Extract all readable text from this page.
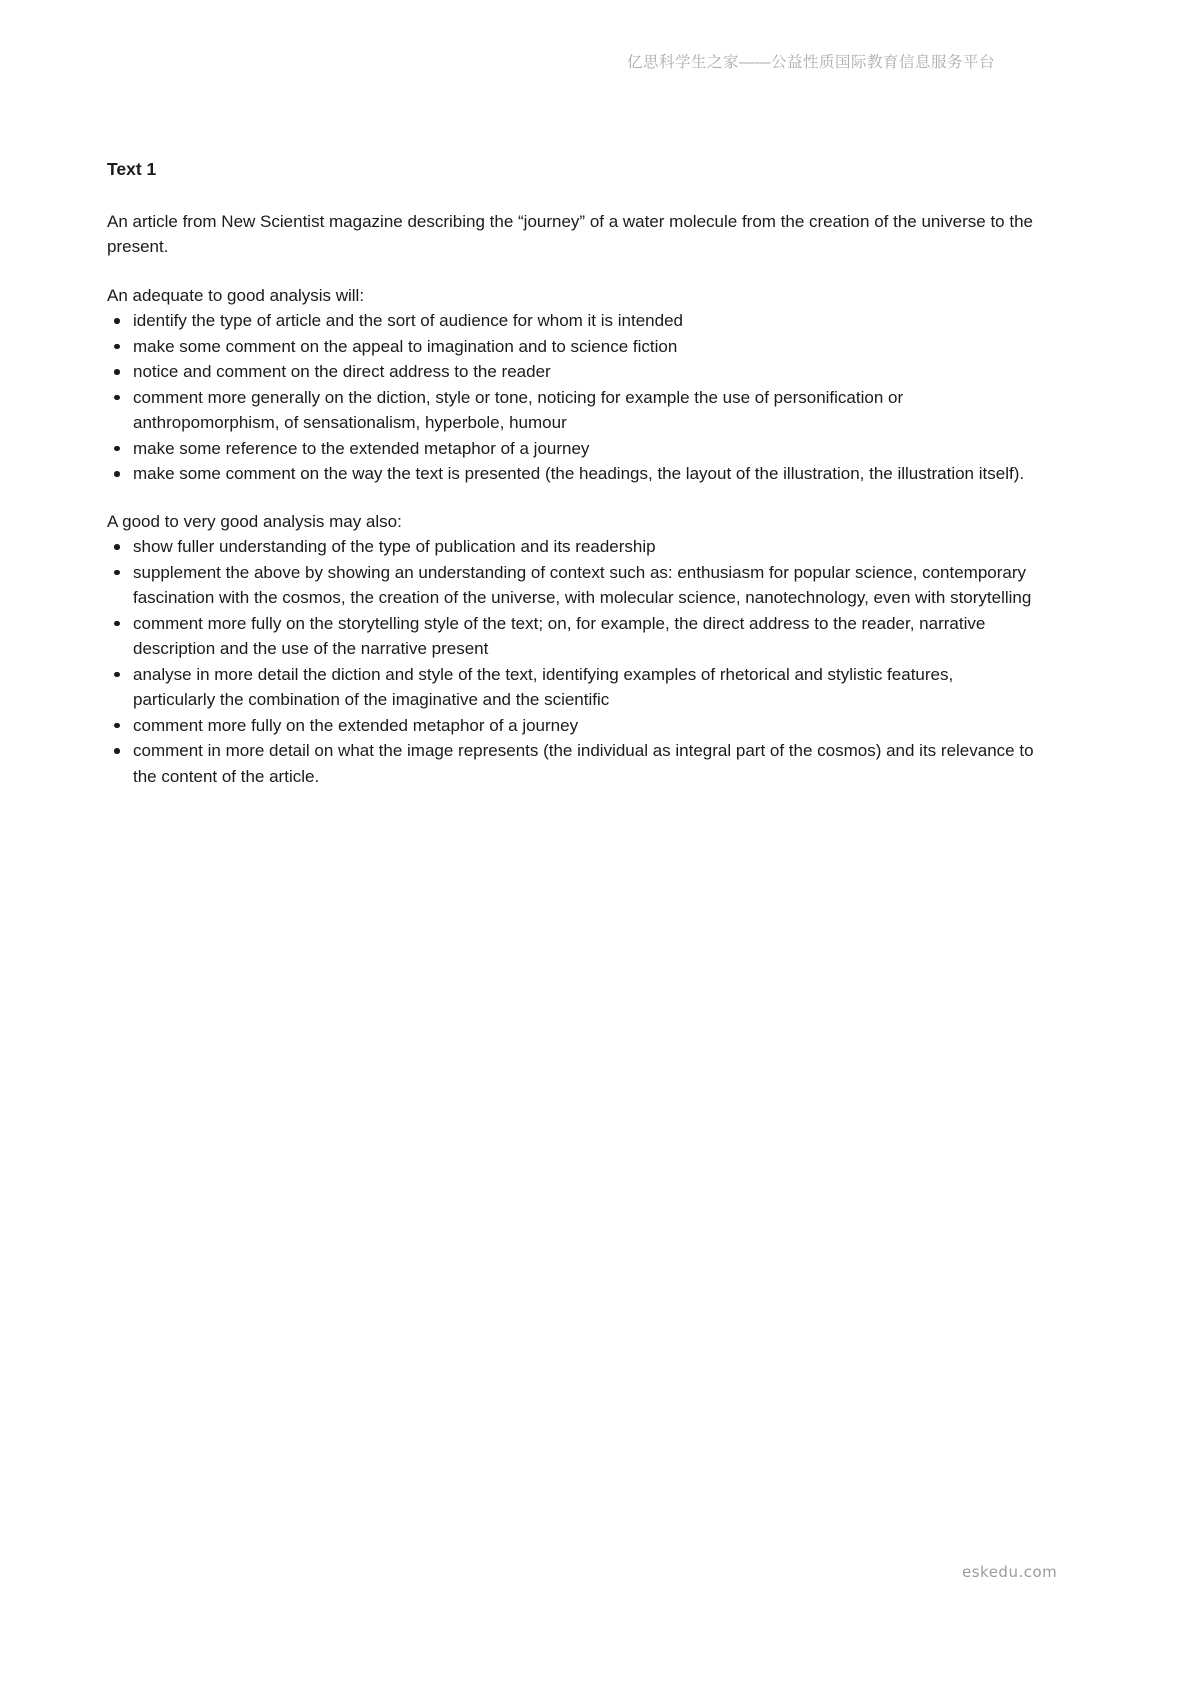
亿思科学生之家——公益性质国际教育信息服务平台
Text 1

An article from New Scientist magazine describing the “journey” of a water molecule from the creation of the universe to the present.

An adequate to good analysis will:

identify the type of article and the sort of audience for whom it is intended
make some comment on the appeal to imagination and to science fiction
notice and comment on the direct address to the reader
comment more generally on the diction, style or tone, noticing for example the use of personification or anthropomorphism, of sensationalism, hyperbole, humour
make some reference to the extended metaphor of a journey
make some comment on the way the text is presented (the headings, the layout of the illustration, the illustration itself).

A good to very good analysis may also:

show fuller understanding of the type of publication and its readership
supplement the above by showing an understanding of context such as: enthusiasm for popular science, contemporary fascination with the cosmos, the creation of the universe, with molecular science, nanotechnology, even with storytelling
comment more fully on the storytelling style of the text; on, for example, the direct address to the reader, narrative description and the use of the narrative present
analyse in more detail the diction and style of the text, identifying examples of rhetorical and stylistic features, particularly the combination of the imaginative and the scientific
comment more fully on the extended metaphor of a journey
comment in more detail on what the image represents (the individual as integral part of the cosmos) and its relevance to the content of the article.
eskedu.com
